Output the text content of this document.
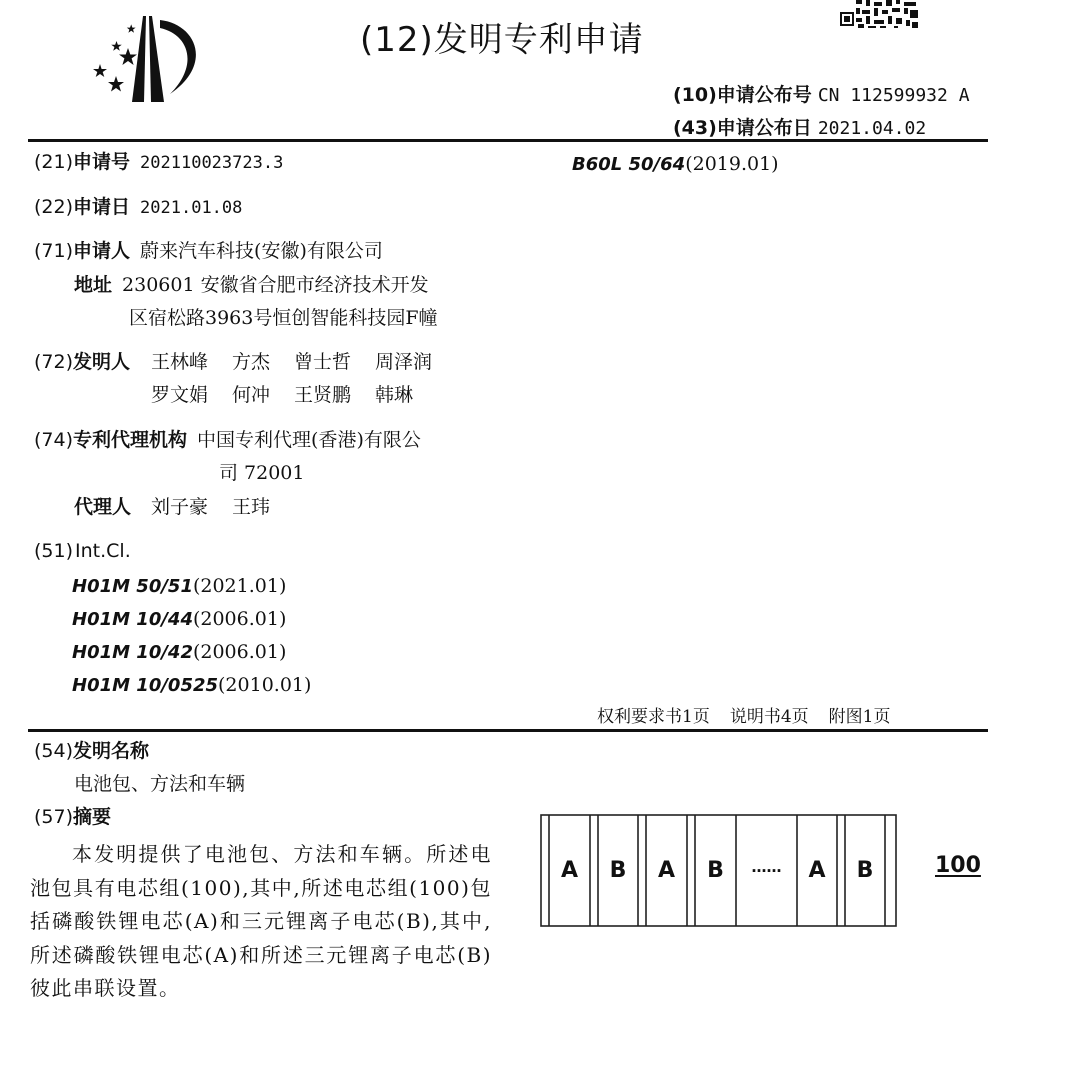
(12)发明专利申请
(10)申请公布号 CN 112599932 A
(43)申请公布日 2021.04.02
(21)申请号 202110023723.3	B60L 50/64(2019.01)
(22)申请日 2021.01.08
(71)申请人 蔚来汽车科技(安徽)有限公司
地址 230601 安徽省合肥市经济技术开发
区宿松路3963号恒创智能科技园F幢
(72)发明人 王林峰 方杰 曾士哲 周泽润
罗文娟 何冲 王贤鹏 韩琳
(74)专利代理机构 中国专利代理(香港)有限公
司 72001
代理人 刘子豪 王玮
(51) Int.Cl.
H01M 50/51(2021.01)
H01M 10/44(2006.01)
H01M 10/42(2006.01)
H01M 10/0525(2010.01)
权利要求书1页 说明书4页 附图1页
(54)发明名称
电池包、方法和车辆
(57)摘要
本发明提供了电池包、方法和车辆。所述电池包具有电芯组(100),其中,所述电芯组(100)包括磷酸铁锂电芯(A)和三元锂离子电芯(B),其中,所述磷酸铁锂电芯(A)和所述三元锂离子电芯(B)彼此串联设置。
A	B	A	B	……	A	B	100
